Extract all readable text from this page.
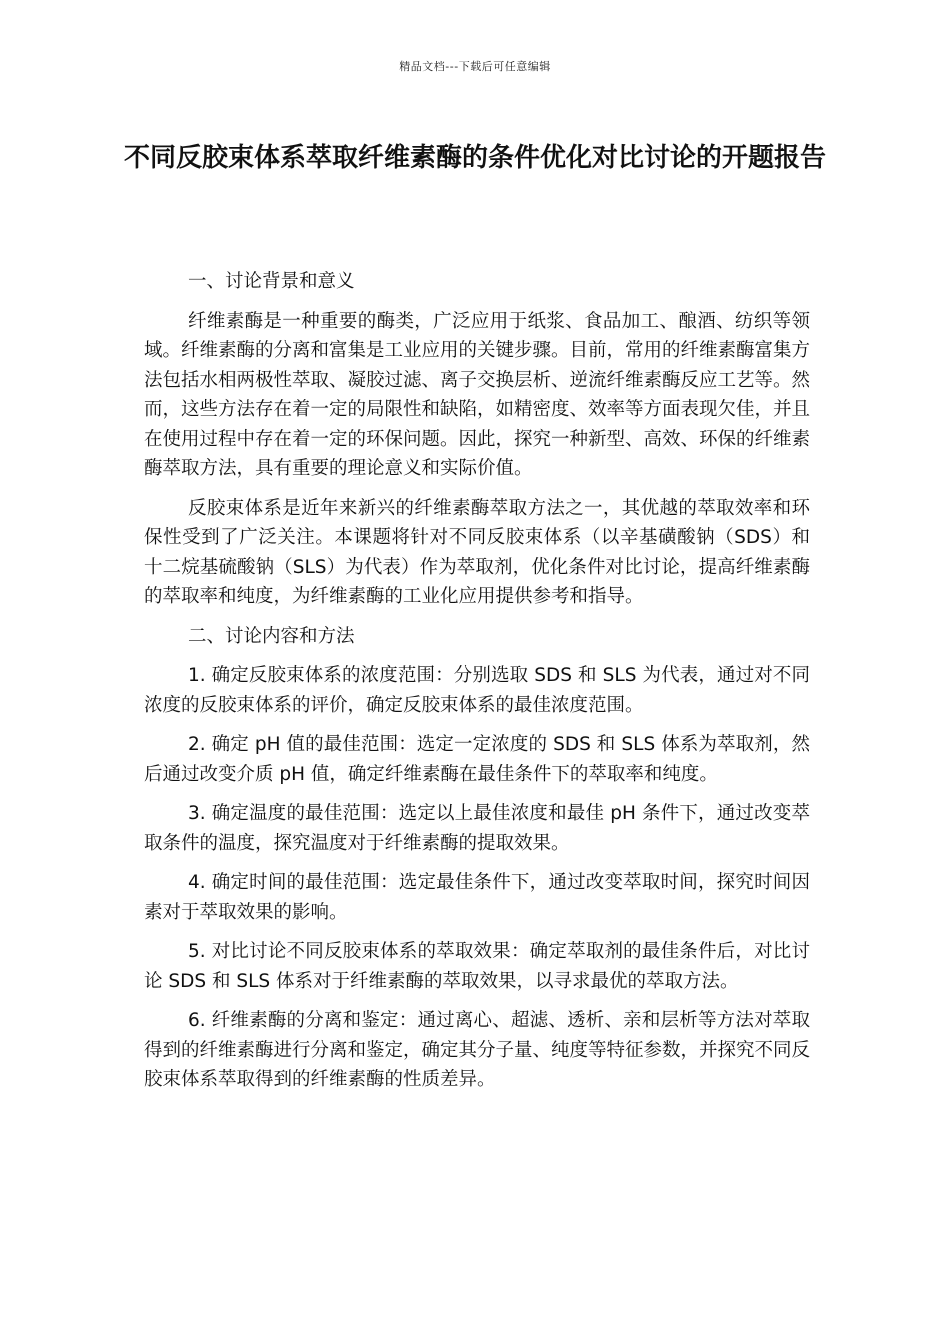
精品文档---下载后可任意编辑
不同反胶束体系萃取纤维素酶的条件优化对比讨论的开题报告

一、讨论背景和意义

纤维素酶是一种重要的酶类，广泛应用于纸浆、食品加工、酿酒、纺织等领域。纤维素酶的分离和富集是工业应用的关键步骤。目前，常用的纤维素酶富集方法包括水相两极性萃取、凝胶过滤、离子交换层析、逆流纤维素酶反应工艺等。然而，这些方法存在着一定的局限性和缺陷，如精密度、效率等方面表现欠佳，并且在使用过程中存在着一定的环保问题。因此，探究一种新型、高效、环保的纤维素酶萃取方法，具有重要的理论意义和实际价值。

反胶束体系是近年来新兴的纤维素酶萃取方法之一，其优越的萃取效率和环保性受到了广泛关注。本课题将针对不同反胶束体系（以辛基磺酸钠（SDS）和十二烷基硫酸钠（SLS）为代表）作为萃取剂，优化条件对比讨论，提高纤维素酶的萃取率和纯度，为纤维素酶的工业化应用提供参考和指导。

二、讨论内容和方法

1. 确定反胶束体系的浓度范围：分别选取 SDS 和 SLS 为代表，通过对不同浓度的反胶束体系的评价，确定反胶束体系的最佳浓度范围。

2. 确定 pH 值的最佳范围：选定一定浓度的 SDS 和 SLS 体系为萃取剂，然后通过改变介质 pH 值，确定纤维素酶在最佳条件下的萃取率和纯度。

3. 确定温度的最佳范围：选定以上最佳浓度和最佳 pH 条件下，通过改变萃取条件的温度，探究温度对于纤维素酶的提取效果。

4. 确定时间的最佳范围：选定最佳条件下，通过改变萃取时间，探究时间因素对于萃取效果的影响。

5. 对比讨论不同反胶束体系的萃取效果：确定萃取剂的最佳条件后，对比讨论 SDS 和 SLS 体系对于纤维素酶的萃取效果，以寻求最优的萃取方法。

6. 纤维素酶的分离和鉴定：通过离心、超滤、透析、亲和层析等方法对萃取得到的纤维素酶进行分离和鉴定，确定其分子量、纯度等特征参数，并探究不同反胶束体系萃取得到的纤维素酶的性质差异。
